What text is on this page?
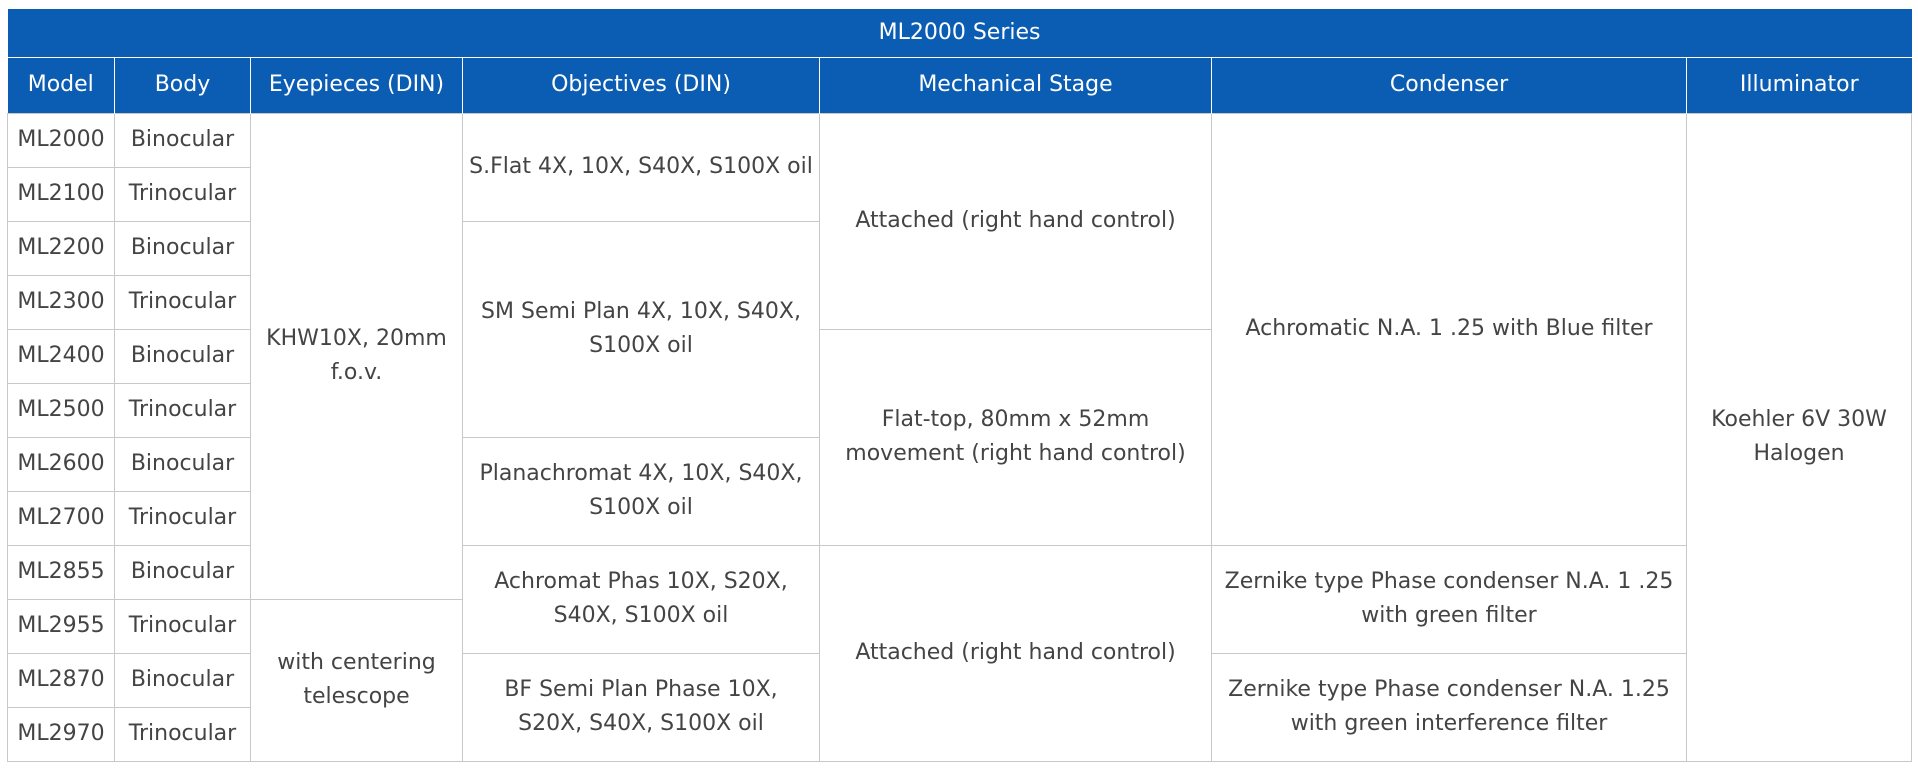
ML2000 Series						
Model	Body	Eyepieces (DIN)	Objectives (DIN)	Mechanical Stage	Condenser	Illuminator
ML2000	Binocular	KHW10X, 20mm f.o.v.	S.Flat 4X, 10X, S40X, S100X oil	Attached (right hand control)	Achromatic N.A. 1 .25 with Blue filter	Koehler 6V 30W Halogen
ML2100	Trinocular					
ML2200	Binocular		SM Semi Plan 4X, 10X, S40X, S100X oil			
ML2300	Trinocular					
ML2400	Binocular			Flat-top, 80mm x 52mm movement (right hand control)		
ML2500	Trinocular					
ML2600	Binocular		Planachromat 4X, 10X, S40X, S100X oil			
ML2700	Trinocular					
ML2855	Binocular		Achromat Phas 10X, S20X, S40X, S100X oil	Attached (right hand control)	Zernike type Phase condenser N.A. 1 .25 with green filter	
ML2955	Trinocular	with centering telescope				
ML2870	Binocular		BF Semi Plan Phase 10X, S20X, S40X, S100X oil		Zernike type Phase condenser N.A. 1.25 with green interference filter	
ML2970	Trinocular					
